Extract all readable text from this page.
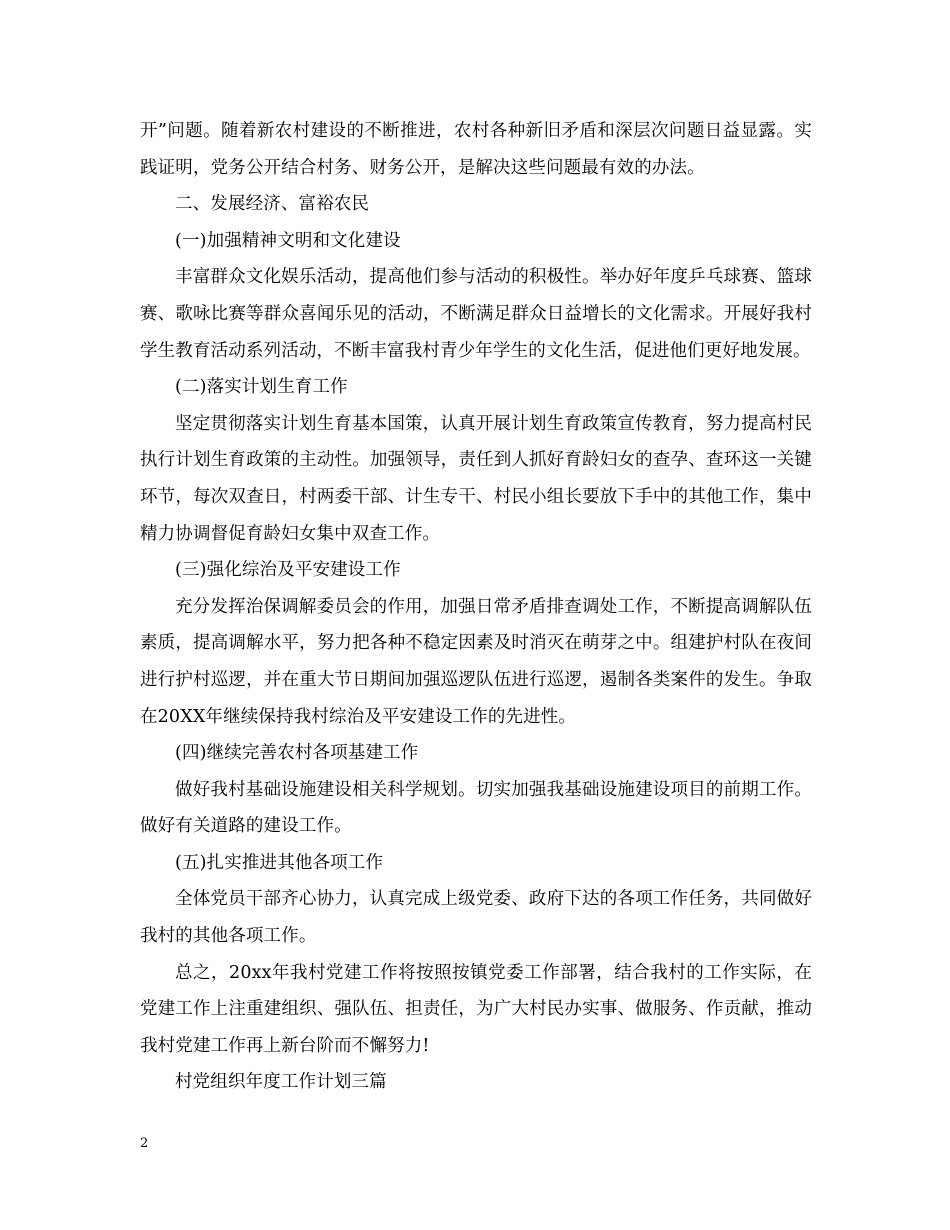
开”问题。随着新农村建设的不断推进，农村各种新旧矛盾和深层次问题日益显露。实践证明，党务公开结合村务、财务公开，是解决这些问题最有效的办法。

二、发展经济、富裕农民

(一)加强精神文明和文化建设

丰富群众文化娱乐活动，提高他们参与活动的积极性。举办好年度乒乓球赛、篮球赛、歌咏比赛等群众喜闻乐见的活动，不断满足群众日益增长的文化需求。开展好我村学生教育活动系列活动，不断丰富我村青少年学生的文化生活，促进他们更好地发展。

(二)落实计划生育工作

坚定贯彻落实计划生育基本国策，认真开展计划生育政策宣传教育，努力提高村民执行计划生育政策的主动性。加强领导，责任到人抓好育龄妇女的查孕、查环这一关键环节，每次双查日，村两委干部、计生专干、村民小组长要放下手中的其他工作，集中精力协调督促育龄妇女集中双查工作。

(三)强化综治及平安建设工作

充分发挥治保调解委员会的作用，加强日常矛盾排查调处工作，不断提高调解队伍素质，提高调解水平，努力把各种不稳定因素及时消灭在萌芽之中。组建护村队在夜间进行护村巡逻，并在重大节日期间加强巡逻队伍进行巡逻，遏制各类案件的发生。争取在20XX年继续保持我村综治及平安建设工作的先进性。

(四)继续完善农村各项基建工作

做好我村基础设施建设相关科学规划。切实加强我基础设施建设项目的前期工作。做好有关道路的建设工作。

(五)扎实推进其他各项工作

全体党员干部齐心协力，认真完成上级党委、政府下达的各项工作任务，共同做好我村的其他各项工作。

总之，20xx年我村党建工作将按照按镇党委工作部署，结合我村的工作实际，在党建工作上注重建组织、强队伍、担责任，为广大村民办实事、做服务、作贡献，推动我村党建工作再上新台阶而不懈努力!

村党组织年度工作计划三篇

2
